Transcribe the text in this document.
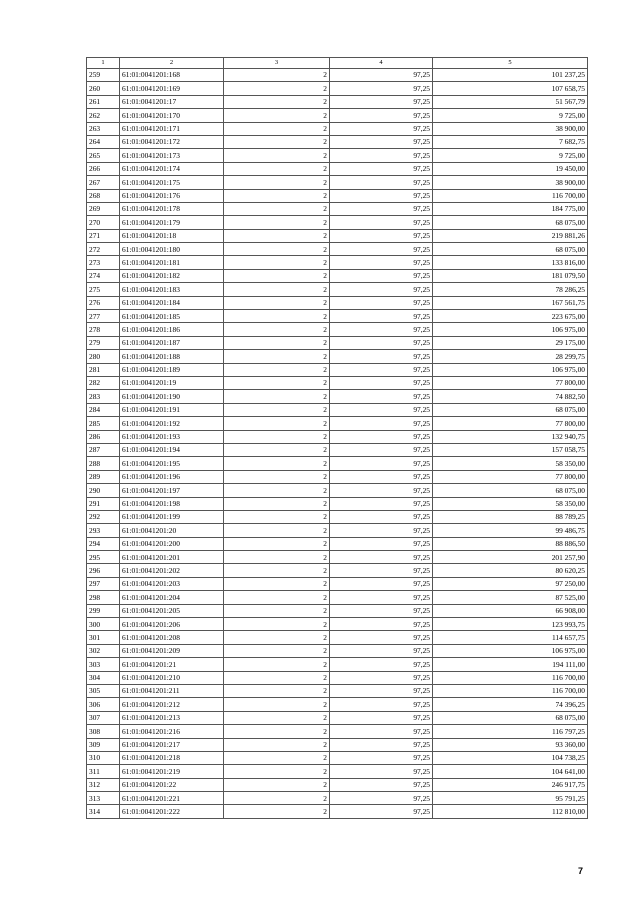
1	2	3	4	5
259	61:01:0041201:168	2	97,25	101 237,25
260	61:01:0041201:169	2	97,25	107 658,75
261	61:01:0041201:17	2	97,25	51 567,79
262	61:01:0041201:170	2	97,25	9 725,00
263	61:01:0041201:171	2	97,25	38 900,00
264	61:01:0041201:172	2	97,25	7 682,75
265	61:01:0041201:173	2	97,25	9 725,00
266	61:01:0041201:174	2	97,25	19 450,00
267	61:01:0041201:175	2	97,25	38 900,00
268	61:01:0041201:176	2	97,25	116 700,00
269	61:01:0041201:178	2	97,25	184 775,00
270	61:01:0041201:179	2	97,25	68 075,00
271	61:01:0041201:18	2	97,25	219 881,26
272	61:01:0041201:180	2	97,25	68 075,00
273	61:01:0041201:181	2	97,25	133 816,00
274	61:01:0041201:182	2	97,25	181 079,50
275	61:01:0041201:183	2	97,25	78 286,25
276	61:01:0041201:184	2	97,25	167 561,75
277	61:01:0041201:185	2	97,25	223 675,00
278	61:01:0041201:186	2	97,25	106 975,00
279	61:01:0041201:187	2	97,25	29 175,00
280	61:01:0041201:188	2	97,25	28 299,75
281	61:01:0041201:189	2	97,25	106 975,00
282	61:01:0041201:19	2	97,25	77 800,00
283	61:01:0041201:190	2	97,25	74 882,50
284	61:01:0041201:191	2	97,25	68 075,00
285	61:01:0041201:192	2	97,25	77 800,00
286	61:01:0041201:193	2	97,25	132 940,75
287	61:01:0041201:194	2	97,25	157 058,75
288	61:01:0041201:195	2	97,25	58 350,00
289	61:01:0041201:196	2	97,25	77 800,00
290	61:01:0041201:197	2	97,25	68 075,00
291	61:01:0041201:198	2	97,25	58 350,00
292	61:01:0041201:199	2	97,25	88 789,25
293	61:01:0041201:20	2	97,25	99 486,75
294	61:01:0041201:200	2	97,25	88 886,50
295	61:01:0041201:201	2	97,25	201 257,90
296	61:01:0041201:202	2	97,25	80 620,25
297	61:01:0041201:203	2	97,25	97 250,00
298	61:01:0041201:204	2	97,25	87 525,00
299	61:01:0041201:205	2	97,25	66 908,00
300	61:01:0041201:206	2	97,25	123 993,75
301	61:01:0041201:208	2	97,25	114 657,75
302	61:01:0041201:209	2	97,25	106 975,00
303	61:01:0041201:21	2	97,25	194 111,00
304	61:01:0041201:210	2	97,25	116 700,00
305	61:01:0041201:211	2	97,25	116 700,00
306	61:01:0041201:212	2	97,25	74 396,25
307	61:01:0041201:213	2	97,25	68 075,00
308	61:01:0041201:216	2	97,25	116 797,25
309	61:01:0041201:217	2	97,25	93 360,00
310	61:01:0041201:218	2	97,25	104 738,25
311	61:01:0041201:219	2	97,25	104 641,00
312	61:01:0041201:22	2	97,25	246 917,75
313	61:01:0041201:221	2	97,25	95 791,25
314	61:01:0041201:222	2	97,25	112 810,00
7
